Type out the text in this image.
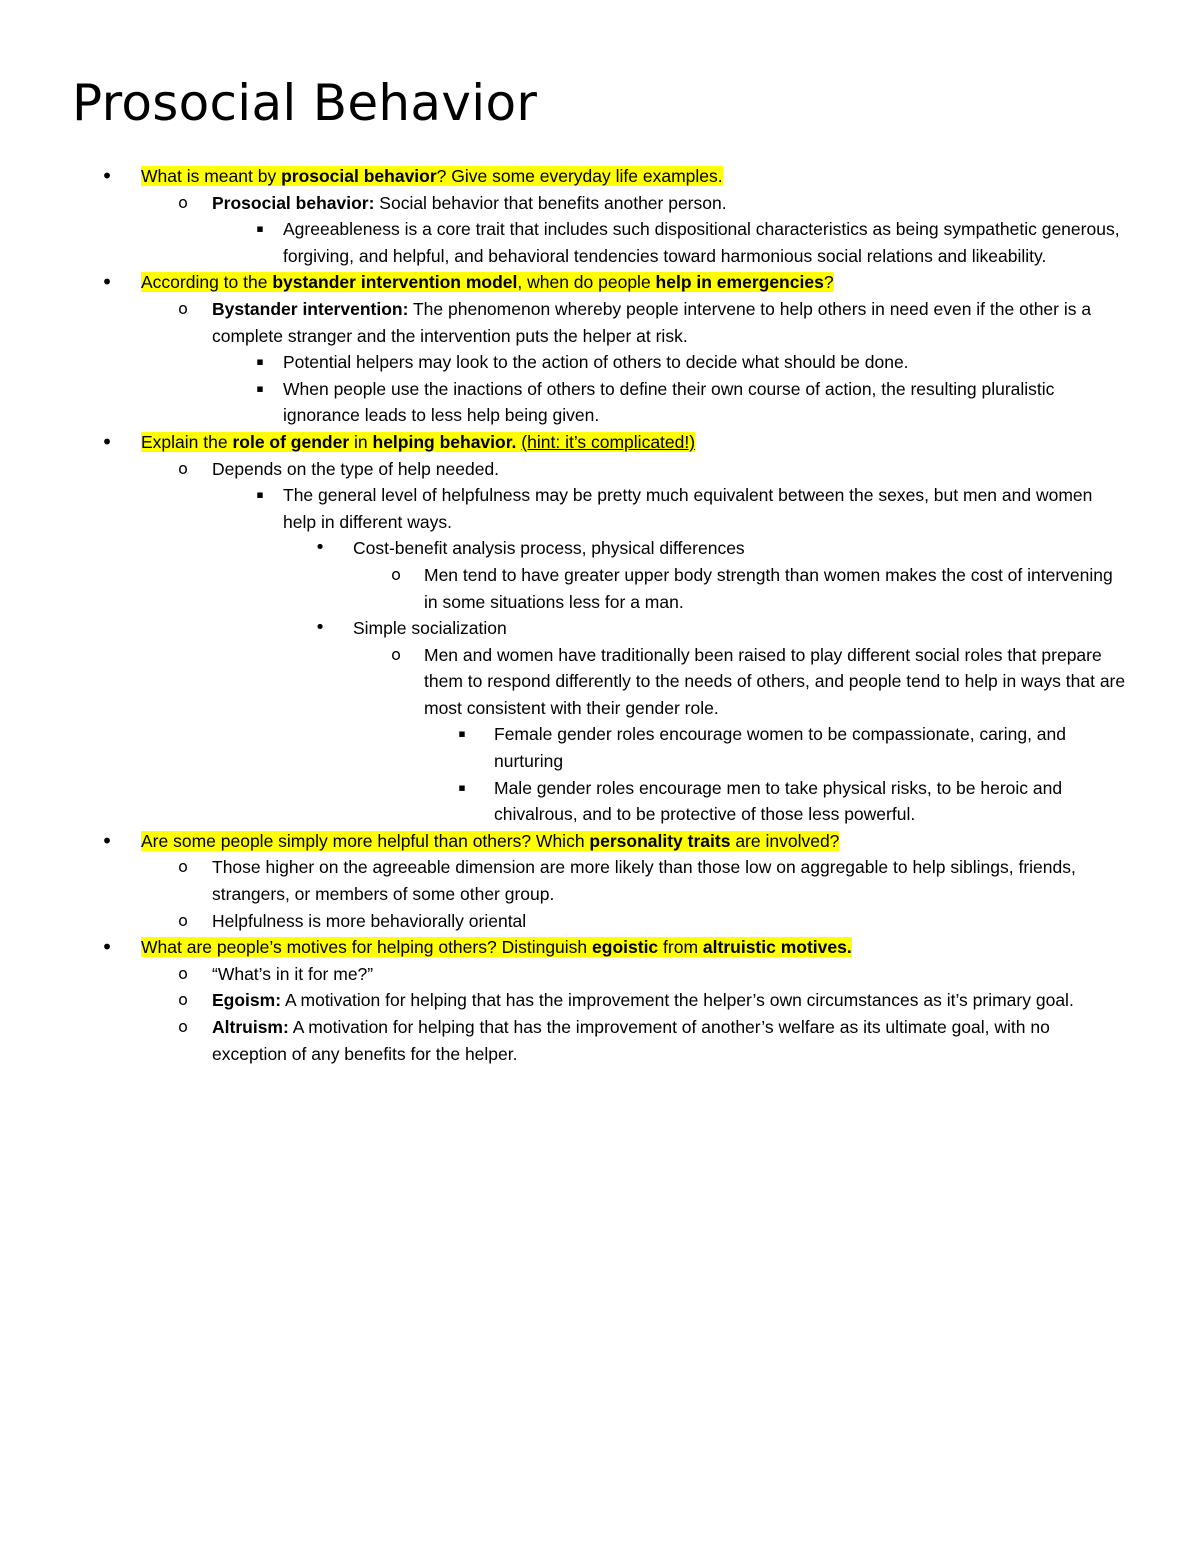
Prosocial Behavior
•	What is meant by prosocial behavior? Give some everyday life examples.
o	Prosocial behavior: Social behavior that benefits another person.
▪	Agreeableness is a core trait that includes such dispositional characteristics as being sympathetic generous, forgiving, and helpful, and behavioral tendencies toward harmonious social relations and likeability.
•	According to the bystander intervention model, when do people help in emergencies?
o	Bystander intervention: The phenomenon whereby people intervene to help others in need even if the other is a complete stranger and the intervention puts the helper at risk.
▪	Potential helpers may look to the action of others to decide what should be done.
▪	When people use the inactions of others to define their own course of action, the resulting pluralistic ignorance leads to less help being given.
•	Explain the role of gender in helping behavior. (hint: it’s complicated!)
o	Depends on the type of help needed.
▪	The general level of helpfulness may be pretty much equivalent between the sexes, but men and women help in different ways.
•	Cost-benefit analysis process, physical differences
o	Men tend to have greater upper body strength than women makes the cost of intervening in some situations less for a man.
•	Simple socialization
o	Men and women have traditionally been raised to play different social roles that prepare them to respond differently to the needs of others, and people tend to help in ways that are most consistent with their gender role.
▪	Female gender roles encourage women to be compassionate, caring, and nurturing
▪	Male gender roles encourage men to take physical risks, to be heroic and chivalrous, and to be protective of those less powerful.
•	Are some people simply more helpful than others? Which personality traits are involved?
o	Those higher on the agreeable dimension are more likely than those low on aggregable to help siblings, friends, strangers, or members of some other group.
o	Helpfulness is more behaviorally oriental
•	What are people’s motives for helping others? Distinguish egoistic from altruistic motives.
o	“What’s in it for me?”
o	Egoism: A motivation for helping that has the improvement the helper’s own circumstances as it’s primary goal.
o	Altruism: A motivation for helping that has the improvement of another’s welfare as its ultimate goal, with no exception of any benefits for the helper.
